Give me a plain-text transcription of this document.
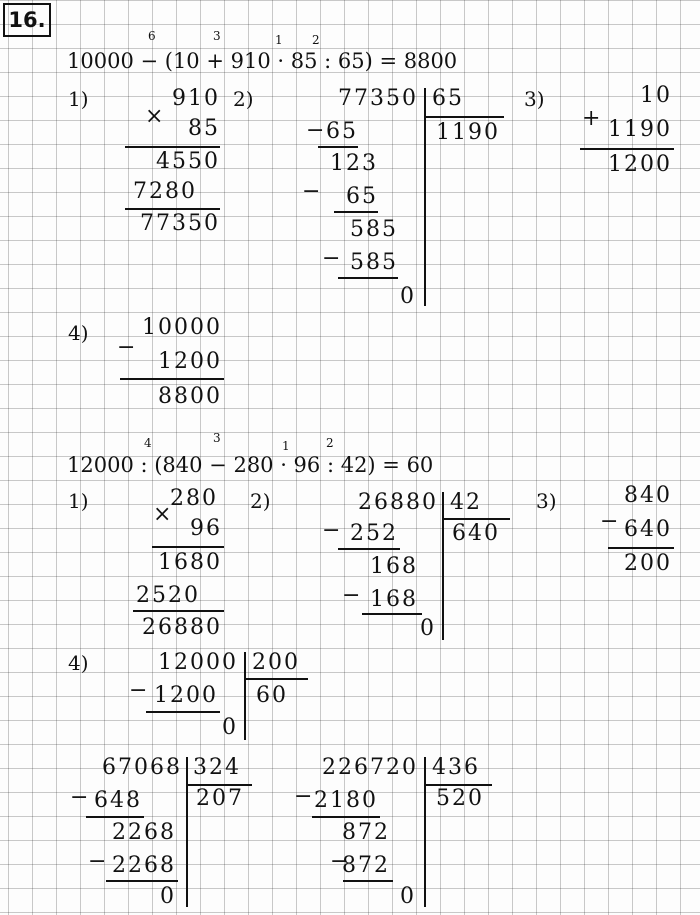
16.
6	3	1 2
10000 − (10 + 910 · 85 : 65) = 8800
1)
×
910
85
4550
7280
77350
2)	77350 65
1190
− 65
123
−	65
585
− 585
0
3)	10
+ 1190
1200
4)	10000
−
1200
8800
4	3
1	2
12000 : (840 − 280 · 96 : 42) = 60
1)
×
280
96
1680
2520
26880
2)	26880 42
640
− 252
168
− 168
0
3)	840
− 640
200
4)	12000 200
60
− 1200
0
67068 324
207
− 648
2268
− 2268
0
226720 436
520
− 2180
872
−
872
0
